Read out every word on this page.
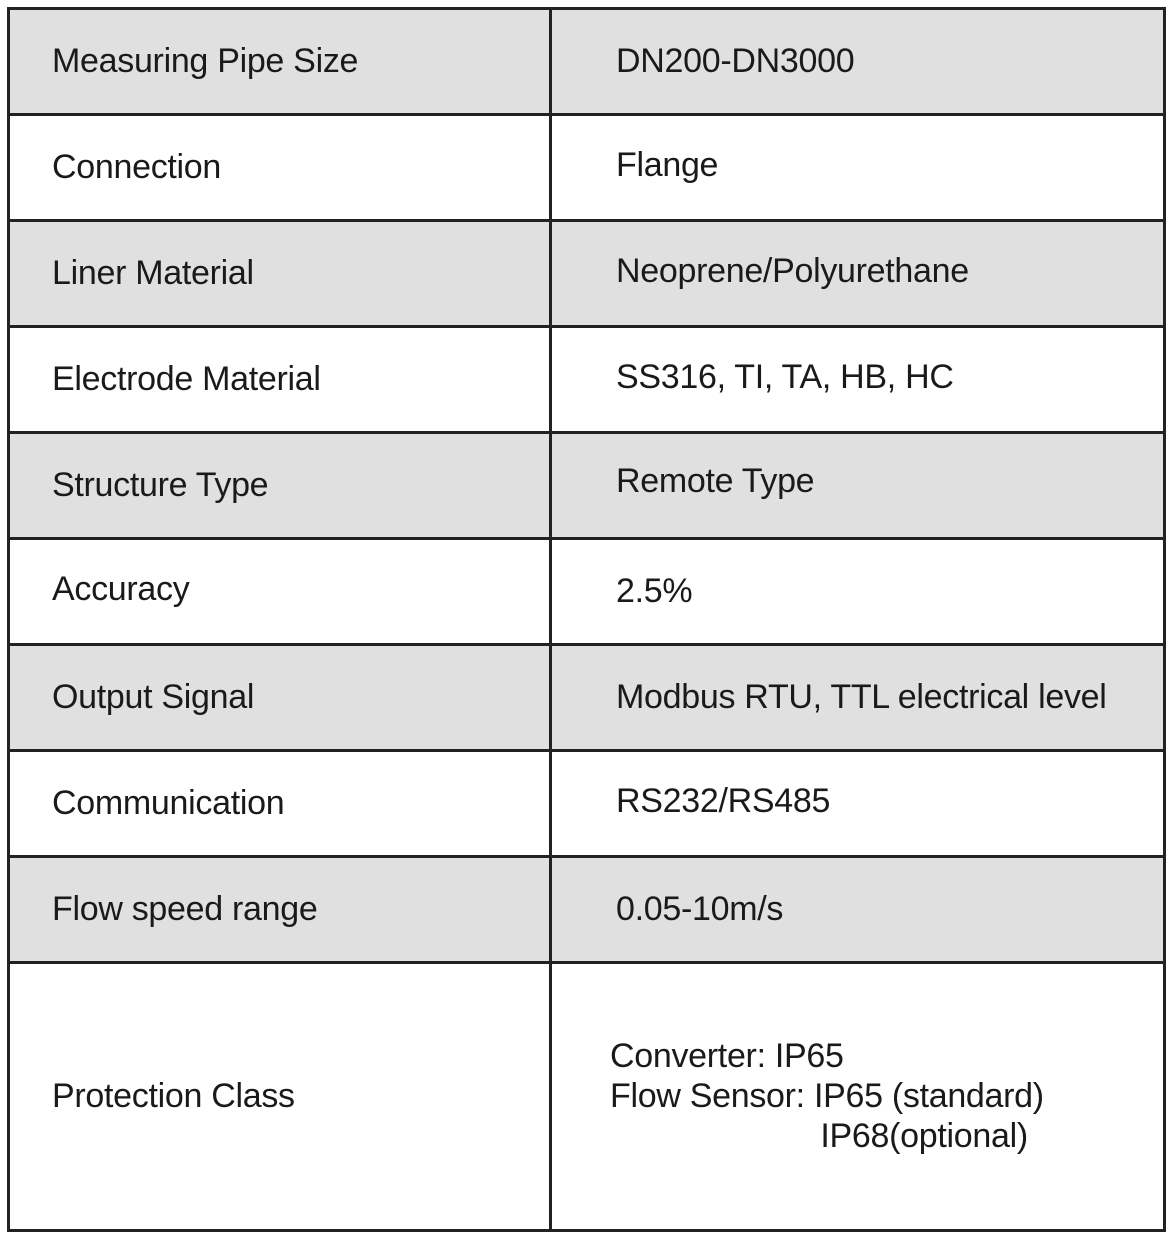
Measuring Pipe Size	DN200-DN3000
Connection	Flange
Liner Material	Neoprene/Polyurethane
Electrode Material	SS316, TI, TA, HB, HC
Structure Type	Remote Type
Accuracy	2.5%
Output Signal	Modbus RTU, TTL electrical level
Communication	RS232/RS485
Flow speed range	0.05-10m/s
Protection Class	Converter: IP65
Flow Sensor: IP65 (standard)
IP68(optional)
